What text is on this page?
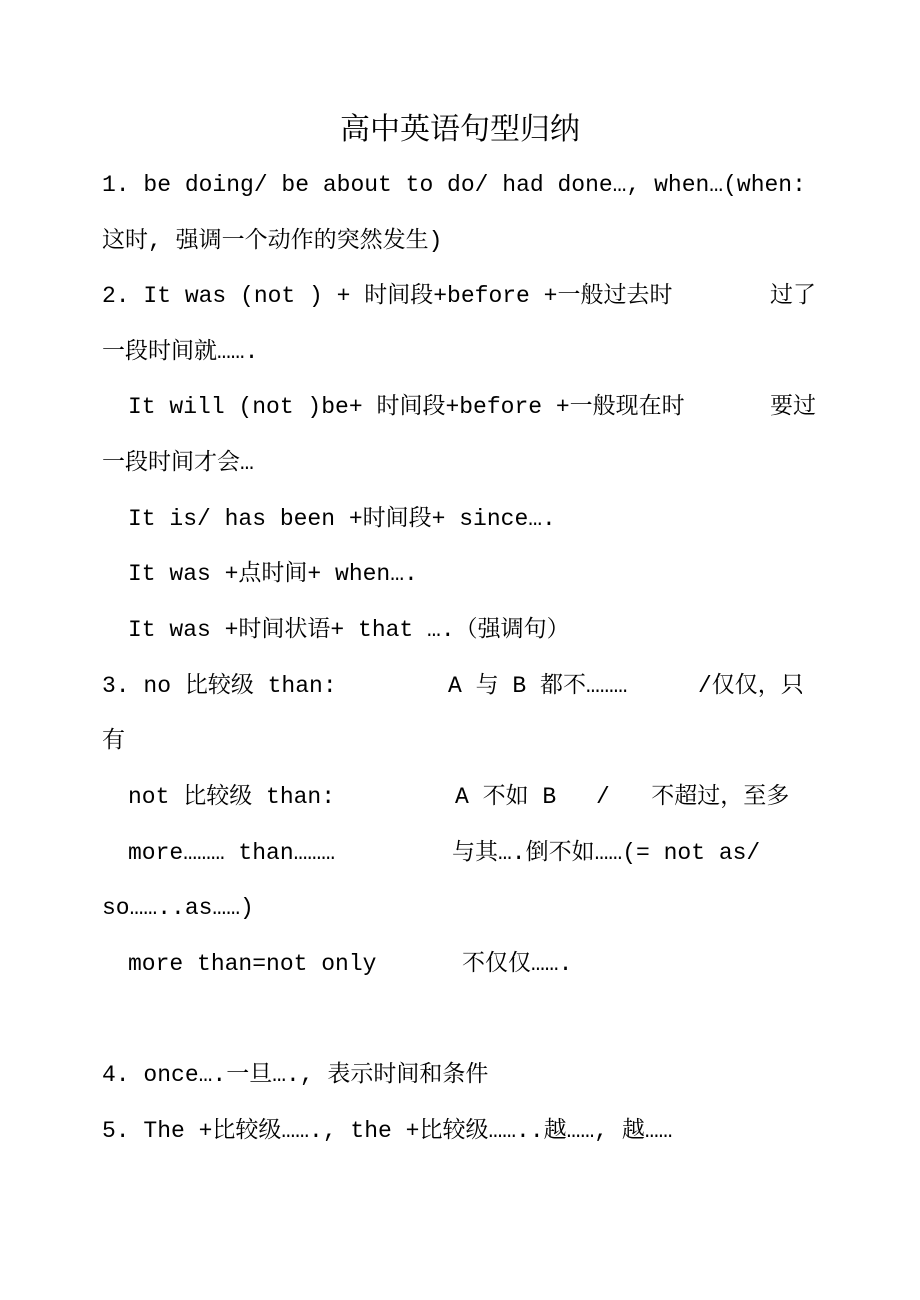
高中英语句型归纳
1. be doing/ be about to do/ had done…, when…(when:
这时, 强调一个动作的突然发生)
2. It was (not ) + 时间段+before +一般过去时	过了
一段时间就…….
It will (not )be+ 时间段+before +一般现在时	要过
一段时间才会…
It is/ has been +时间段+ since….
It was +点时间+ when….
It was +时间状语+ that ….（强调句）
3. no 比较级 than:	A 与 B 都不………	/仅仅，只
有
not 比较级 than:	A 不如 B /   不超过，至多
more……… than………	与其….倒不如……(= not as/
so……..as……)
more than=not only	不仅仅…….
4. once….一旦…., 表示时间和条件
5. The +比较级……., the +比较级……..越……, 越……
